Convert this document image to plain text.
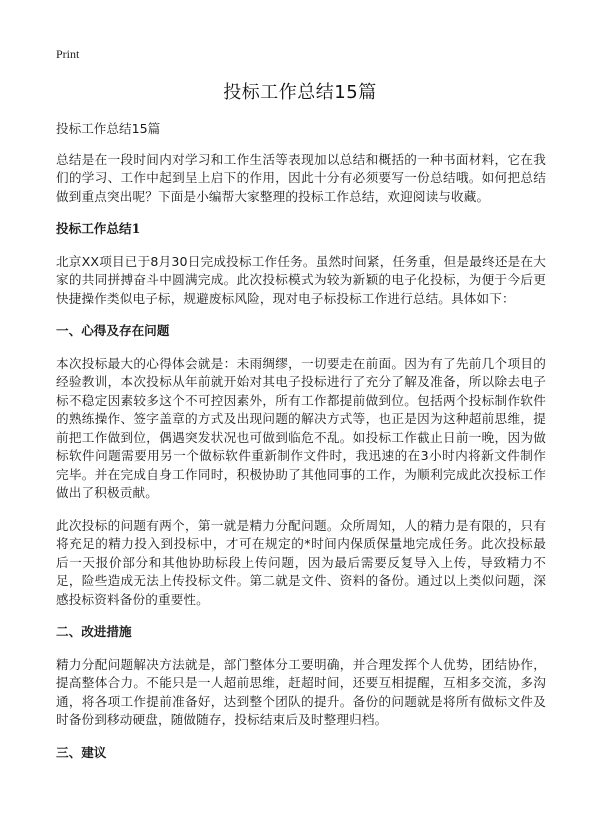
Print
投标工作总结15篇

投标工作总结15篇

总结是在一段时间内对学习和工作生活等表现加以总结和概括的一种书面材料，它在我们的学习、工作中起到呈上启下的作用，因此十分有必须要写一份总结哦。如何把总结做到重点突出呢？下面是小编帮大家整理的投标工作总结，欢迎阅读与收藏。

投标工作总结1

北京XX项目已于8月30日完成投标工作任务。虽然时间紧，任务重，但是最终还是在大家的共同拼搏奋斗中圆满完成。此次投标模式为较为新颖的电子化投标，为便于今后更快捷操作类似电子标，规避废标风险，现对电子标投标工作进行总结。具体如下：

一、心得及存在问题

本次投标最大的心得体会就是：未雨绸缪，一切要走在前面。因为有了先前几个项目的经验教训，本次投标从年前就开始对其电子投标进行了充分了解及准备，所以除去电子标不稳定因素较多这个不可控因素外，所有工作都提前做到位。包括两个投标制作软件的熟练操作、签字盖章的方式及出现问题的解决方式等，也正是因为这种超前思维，提前把工作做到位，偶遇突发状况也可做到临危不乱。如投标工作截止日前一晚，因为做标软件问题需要用另一个做标软件重新制作文件时，我迅速的在3小时内将新文件制作完毕。并在完成自身工作同时，积极协助了其他同事的工作，为顺利完成此次投标工作做出了积极贡献。

此次投标的问题有两个，第一就是精力分配问题。众所周知，人的精力是有限的，只有将充足的精力投入到投标中，才可在规定的*时间内保质保量地完成任务。此次投标最后一天报价部分和其他协助标段上传问题，因为最后需要反复导入上传，导致精力不足，险些造成无法上传投标文件。第二就是文件、资料的备份。通过以上类似问题，深感投标资料备份的重要性。

二、改进措施

精力分配问题解决方法就是，部门整体分工要明确，并合理发挥个人优势，团结协作，提高整体合力。不能只是一人超前思维，赶超时间，还要互相提醒，互相多交流，多沟通，将各项工作提前准备好，达到整个团队的提升。备份的问题就是将所有做标文件及时备份到移动硬盘，随做随存，投标结束后及时整理归档。

三、建议
